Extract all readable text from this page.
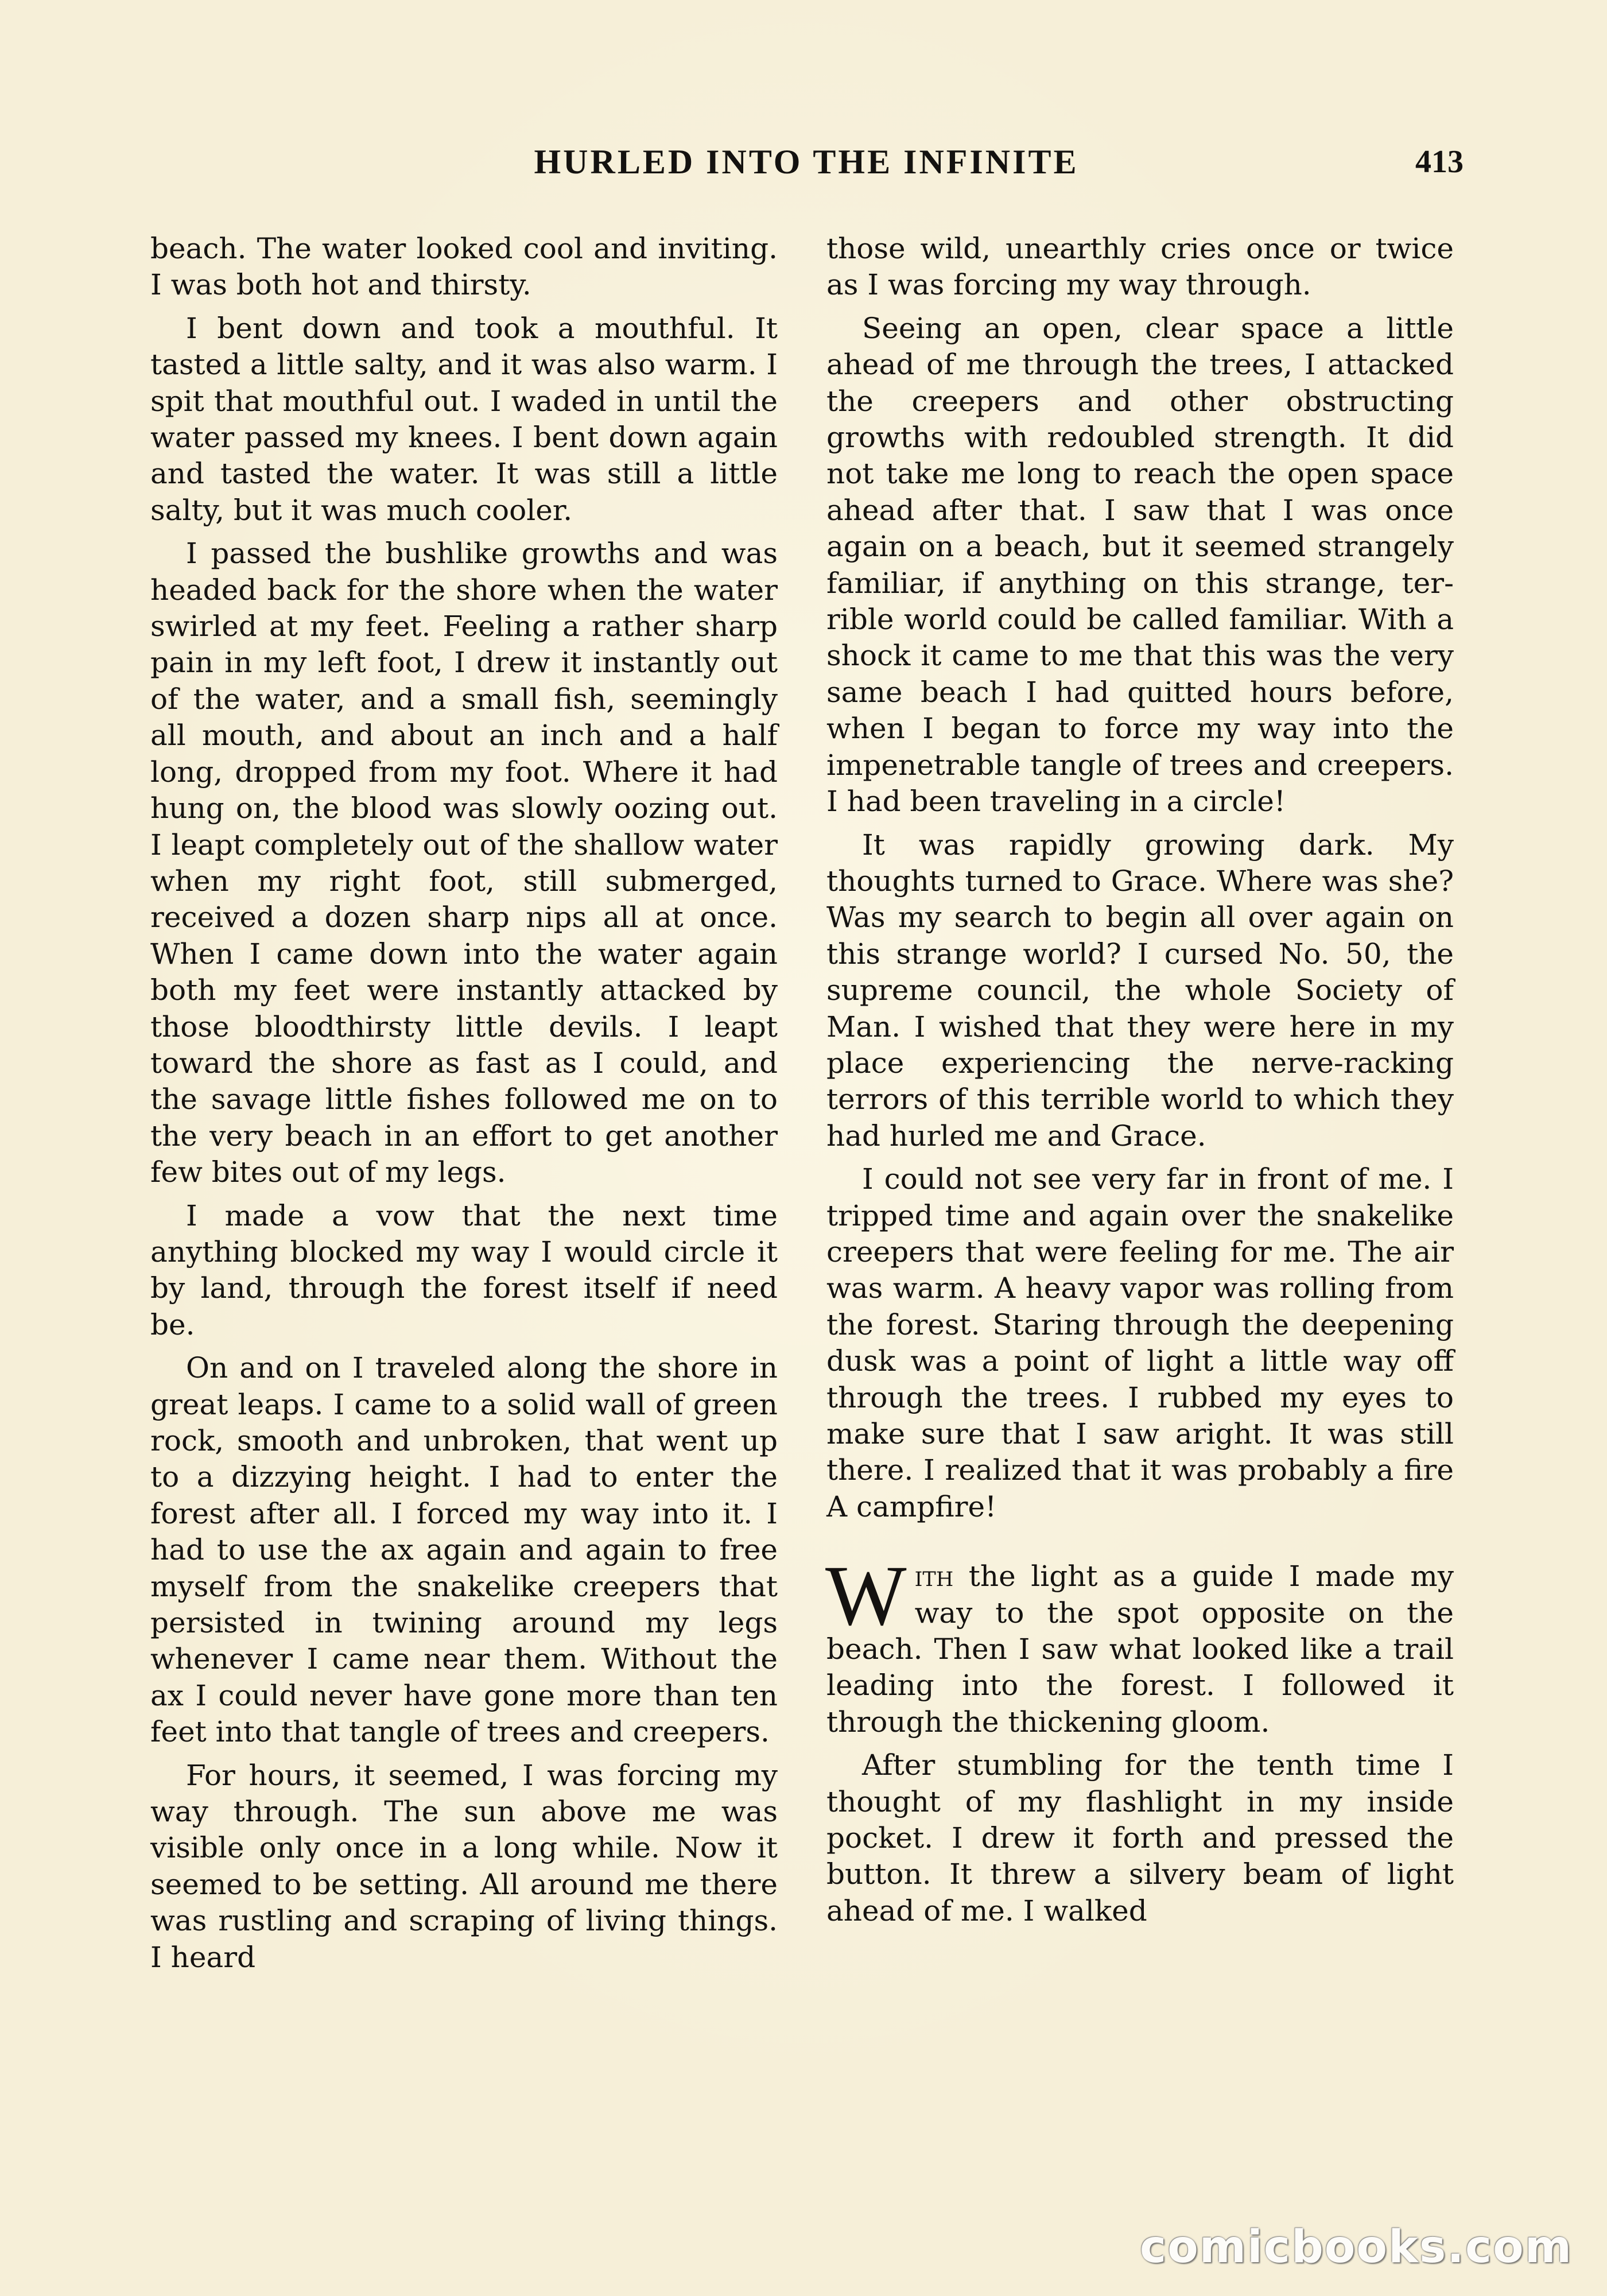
HURLED INTO THE INFINITE	413

beach. The water looked cool and inviting. I was both hot and thirsty.

I bent down and took a mouthful. It tasted a little salty, and it was also warm. I spit that mouthful out. I waded in until the water passed my knees. I bent down again and tasted the water. It was still a little salty, but it was much cooler.

I passed the bushlike growths and was headed back for the shore when the water swirled at my feet. Feeling a rather sharp pain in my left foot, I drew it instantly out of the water, and a small fish, seemingly all mouth, and about an inch and a half long, dropped from my foot. Where it had hung on, the blood was slowly oozing out. I leapt completely out of the shallow water when my right foot, still submerged, received a dozen sharp nips all at once. When I came down into the water again both my feet were instantly attacked by those bloodthirsty little devils. I leapt toward the shore as fast as I could, and the savage little fishes followed me on to the very beach in an effort to get another few bites out of my legs.

I made a vow that the next time anything blocked my way I would circle it by land, through the forest itself if need be.

On and on I traveled along the shore in great leaps. I came to a solid wall of green rock, smooth and unbroken, that went up to a dizzying height. I had to enter the forest after all. I forced my way into it. I had to use the ax again and again to free myself from the snakelike creepers that persisted in twining around my legs whenever I came near them. Without the ax I could never have gone more than ten feet into that tangle of trees and creepers.

For hours, it seemed, I was forcing my way through. The sun above me was visible only once in a long while. Now it seemed to be setting. All around me there was rustling and scraping of living things. I heard

those wild, unearthly cries once or twice as I was forcing my way through.

Seeing an open, clear space a little ahead of me through the trees, I attacked the creepers and other obstructing growths with redoubled strength. It did not take me long to reach the open space ahead after that. I saw that I was once again on a beach, but it seemed strangely familiar, if anything on this strange, terrible world could be called familiar. With a shock it came to me that this was the very same beach I had quitted hours before, when I began to force my way into the impenetrable tangle of trees and creepers. I had been traveling in a circle!

It was rapidly growing dark. My thoughts turned to Grace. Where was she? Was my search to begin all over again on this strange world? I cursed No. 50, the supreme council, the whole Society of Man. I wished that they were here in my place experiencing the nerve-racking terrors of this terrible world to which they had hurled me and Grace.

I could not see very far in front of me. I tripped time and again over the snakelike creepers that were feeling for me. The air was warm. A heavy vapor was rolling from the forest. Staring through the deepening dusk was a point of light a little way off through the trees. I rubbed my eyes to make sure that I saw aright. It was still there. I realized that it was probably a fire A campfire!

With the light as a guide I made my way to the spot opposite on the beach. Then I saw what looked like a trail leading into the forest. I followed it through the thickening gloom.

After stumbling for the tenth time I thought of my flashlight in my inside pocket. I drew it forth and pressed the button. It threw a silvery beam of light ahead of me. I walked

comicbooks.com
